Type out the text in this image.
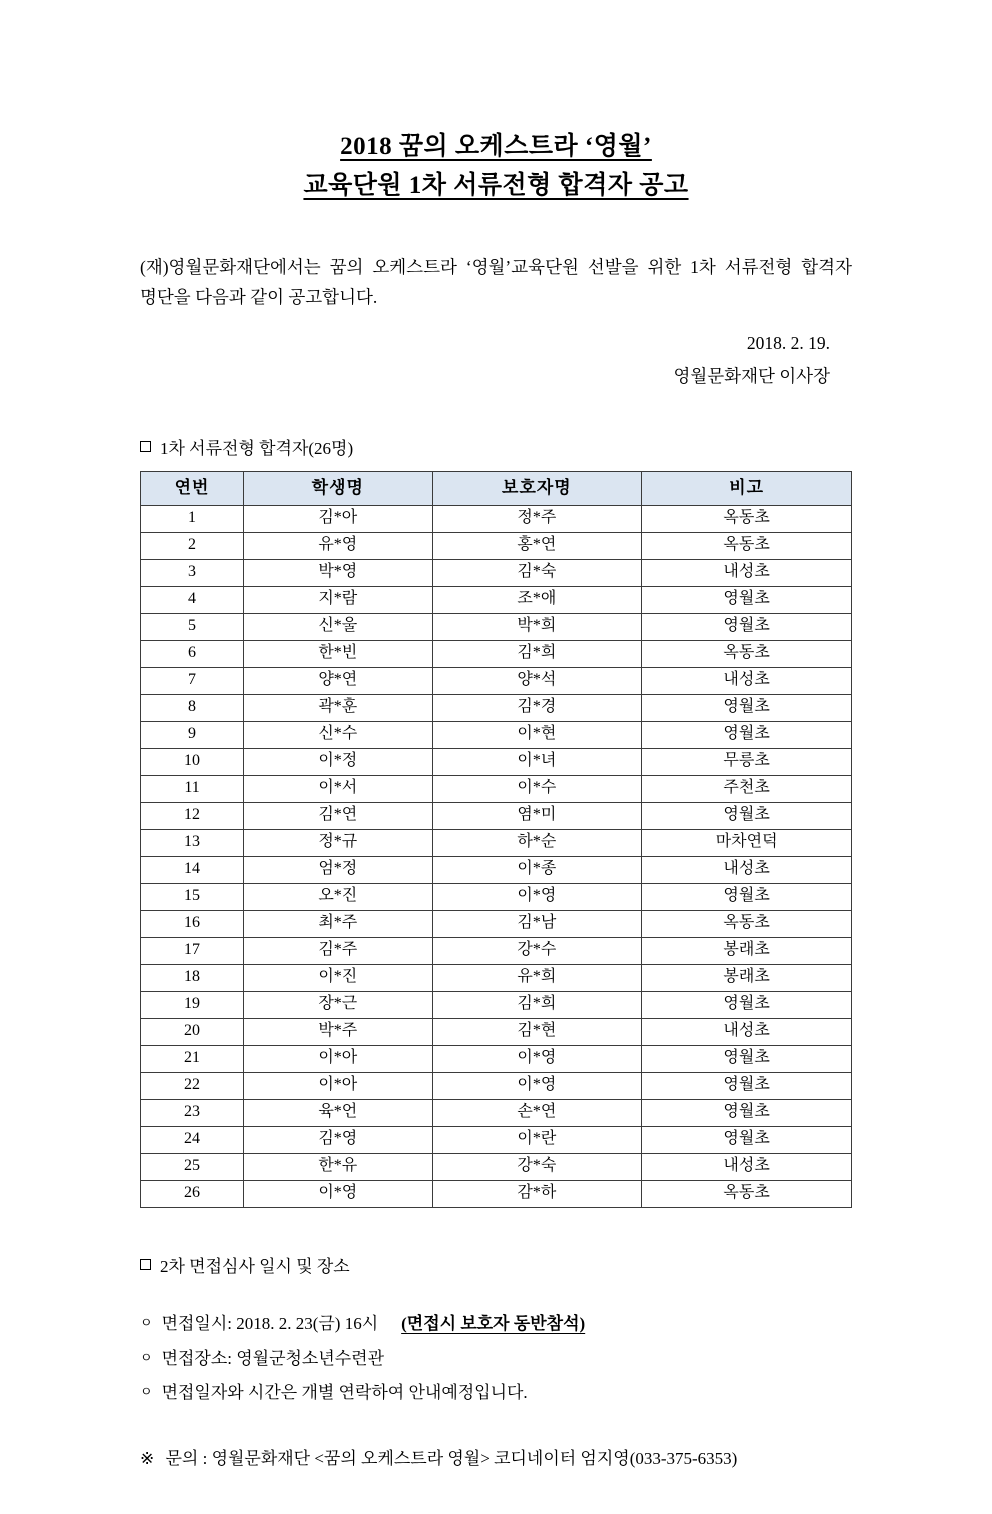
2018 꿈의 오케스트라 ‘영월’
교육단원 1차 서류전형 합격자 공고

(재)영월문화재단에서는 꿈의 오케스트라 ‘영월’교육단원 선발을 위한 1차 서류전형 합격자 명단을 다음과 같이 공고합니다.

2018. 2. 19.
영월문화재단 이사장
1차 서류전형 합격자(26명)
연번	학생명	보호자명	비고
1	김*아	정*주	옥동초
2	유*영	홍*연	옥동초
3	박*영	김*숙	내성초
4	지*람	조*애	영월초
5	신*울	박*희	영월초
6	한*빈	김*희	옥동초
7	양*연	양*석	내성초
8	곽*훈	김*경	영월초
9	신*수	이*현	영월초
10	이*정	이*녀	무릉초
11	이*서	이*수	주천초
12	김*연	염*미	영월초
13	정*규	하*순	마차연덕
14	엄*정	이*종	내성초
15	오*진	이*영	영월초
16	최*주	김*남	옥동초
17	김*주	강*수	봉래초
18	이*진	유*희	봉래초
19	장*근	김*희	영월초
20	박*주	김*현	내성초
21	이*아	이*영	영월초
22	이*아	이*영	영월초
23	육*언	손*연	영월초
24	김*영	이*란	영월초
25	한*유	강*숙	내성초
26	이*영	감*하	옥동초
2차 면접심사 일시 및 장소
ㅇ 면접일시: 2018. 2. 23(금) 16시 (면접시 보호자 동반참석)
ㅇ 면접장소: 영월군청소년수련관
ㅇ 면접일자와 시간은 개별 연락하여 안내예정입니다.
※ 문의 : 영월문화재단 <꿈의 오케스트라 영월> 코디네이터 엄지영(033-375-6353)
